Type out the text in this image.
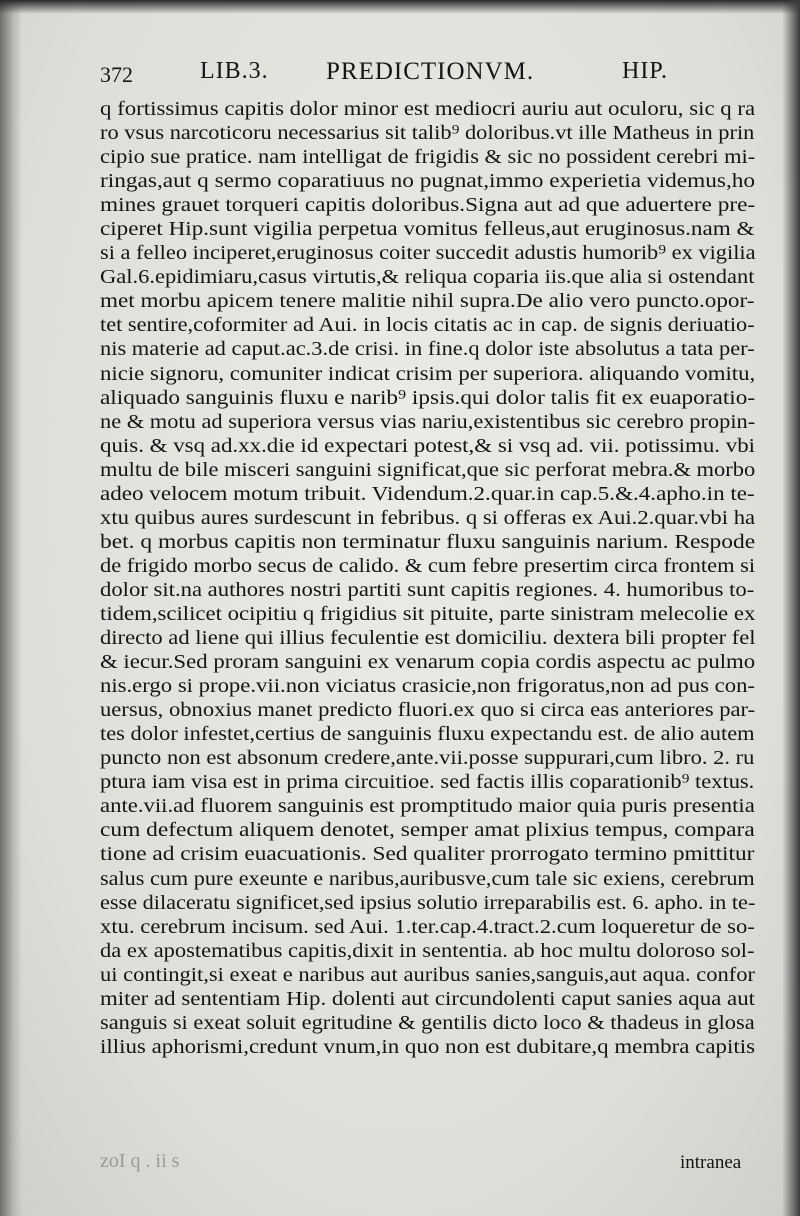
372	LIB.3. PREDICTIONVM.	HIP.
q fortissimus capitis dolor minor est mediocri auriu aut oculoru, sic q ra
ro vsus narcoticoru necessarius sit talib⁹ doloribus.vt ille Matheus in prin
cipio sue pratice. nam intelligat de frigidis & sic no possident cerebri mi-
ringas,aut q sermo coparatiuus no pugnat,immo experietia videmus,ho
mines grauet torqueri capitis doloribus.Signa aut ad que aduertere pre-
ciperet Hip.sunt vigilia perpetua vomitus felleus,aut eruginosus.nam &
si a felleo inciperet,eruginosus coiter succedit adustis humorib⁹ ex vigilia
Gal.6.epidimiaru,casus virtutis,& reliqua coparia iis.que alia si ostendant
met morbu apicem tenere malitie nihil supra.De alio vero puncto.opor-
tet sentire,coformiter ad Aui. in locis citatis ac in cap. de signis deriuatio-
nis materie ad caput.ac.3.de crisi. in fine.q dolor iste absolutus a tata per-
nicie signoru, comuniter indicat crisim per superiora. aliquando vomitu,
aliquado sanguinis fluxu e narib⁹ ipsis.qui dolor talis fit ex euaporatio-
ne & motu ad superiora versus vias nariu,existentibus sic cerebro propin-
quis. & vsq ad.xx.die id expectari potest,& si vsq ad. vii. potissimu. vbi
multu de bile misceri sanguini significat,que sic perforat mebra.& morbo
adeo velocem motum tribuit. Videndum.2.quar.in cap.5.&.4.apho.in te-
xtu quibus aures surdescunt in febribus. q si offeras ex Aui.2.quar.vbi ha
bet. q morbus capitis non terminatur fluxu sanguinis narium. Respode
de frigido morbo secus de calido. & cum febre presertim circa frontem si
dolor sit.na authores nostri partiti sunt capitis regiones. 4. humoribus to-
tidem,scilicet ocipitiu q frigidius sit pituite, parte sinistram melecolie ex
directo ad liene qui illius feculentie est domiciliu. dextera bili propter fel
& iecur.Sed proram sanguini ex venarum copia cordis aspectu ac pulmo
nis.ergo si prope.vii.non viciatus crasicie,non frigoratus,non ad pus con-
uersus, obnoxius manet predicto fluori.ex quo si circa eas anteriores par-
tes dolor infestet,certius de sanguinis fluxu expectandu est. de alio autem
puncto non est absonum credere,ante.vii.posse suppurari,cum libro. 2. ru
ptura iam visa est in prima circuitioe. sed factis illis coparationib⁹ textus.
ante.vii.ad fluorem sanguinis est promptitudo maior quia puris presentia
cum defectum aliquem denotet, semper amat plixius tempus, compara
tione ad crisim euacuationis. Sed qualiter prorrogato termino pmittitur
salus cum pure exeunte e naribus,auribusve,cum tale sic exiens, cerebrum
esse dilaceratu significet,sed ipsius solutio irreparabilis est. 6. apho. in te-
xtu. cerebrum incisum. sed Aui. 1.ter.cap.4.tract.2.cum loqueretur de so-
da ex apostematibus capitis,dixit in sententia. ab hoc multu doloroso sol-
ui contingit,si exeat e naribus aut auribus sanies,sanguis,aut aqua. confor
miter ad sententiam Hip. dolenti aut circundolenti caput sanies aqua aut
sanguis si exeat soluit egritudine & gentilis dicto loco & thadeus in glosa
illius aphorismi,credunt vnum,in quo non est dubitare,q membra capitis
zoI q . ii s	intranea
